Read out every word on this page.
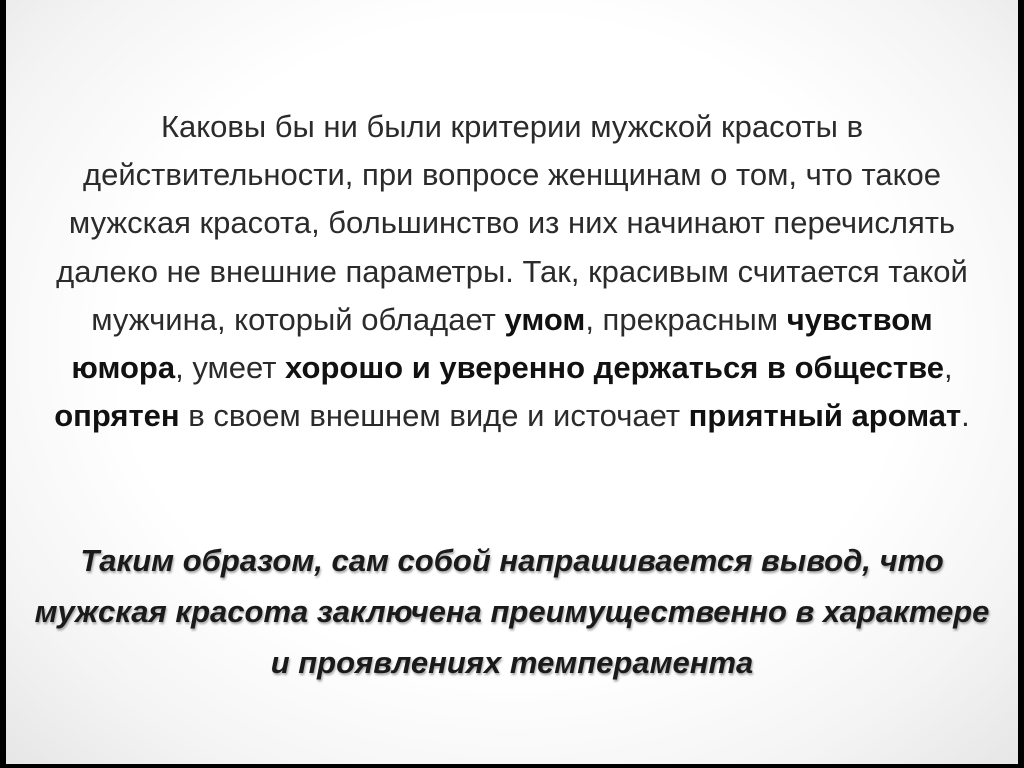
Каковы бы ни были критерии мужской красоты в действительности, при вопросе женщинам о том, что такое мужская красота, большинство из них начинают перечислять далеко не внешние параметры. Так, красивым считается такой мужчина, который обладает умом, прекрасным чувством юмора, умеет хорошо и уверенно держаться в обществе, опрятен в своем внешнем виде и источает приятный аромат.

Таким образом, сам собой напрашивается вывод, что мужская красота заключена преимущественно в характере и проявлениях темперамента
